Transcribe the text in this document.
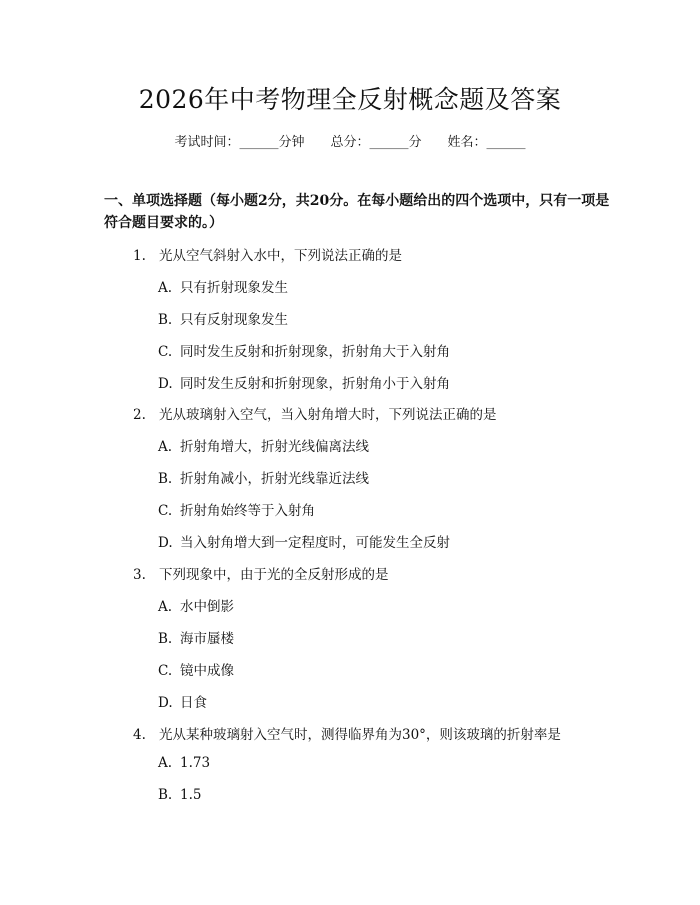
2026年中考物理全反射概念题及答案
考试时间：______分钟 总分：______分 姓名：______
一、单项选择题（每小题2分，共20分。在每小题给出的四个选项中，只有一项是符合题目要求的。）
1. 光从空气斜射入水中，下列说法正确的是
A. 只有折射现象发生
B. 只有反射现象发生
C. 同时发生反射和折射现象，折射角大于入射角
D. 同时发生反射和折射现象，折射角小于入射角
2. 光从玻璃射入空气，当入射角增大时，下列说法正确的是
A. 折射角增大，折射光线偏离法线
B. 折射角减小，折射光线靠近法线
C. 折射角始终等于入射角
D. 当入射角增大到一定程度时，可能发生全反射
3. 下列现象中，由于光的全反射形成的是
A. 水中倒影
B. 海市蜃楼
C. 镜中成像
D. 日食
4. 光从某种玻璃射入空气时，测得临界角为30°，则该玻璃的折射率是
A. 1.73
B. 1.5
